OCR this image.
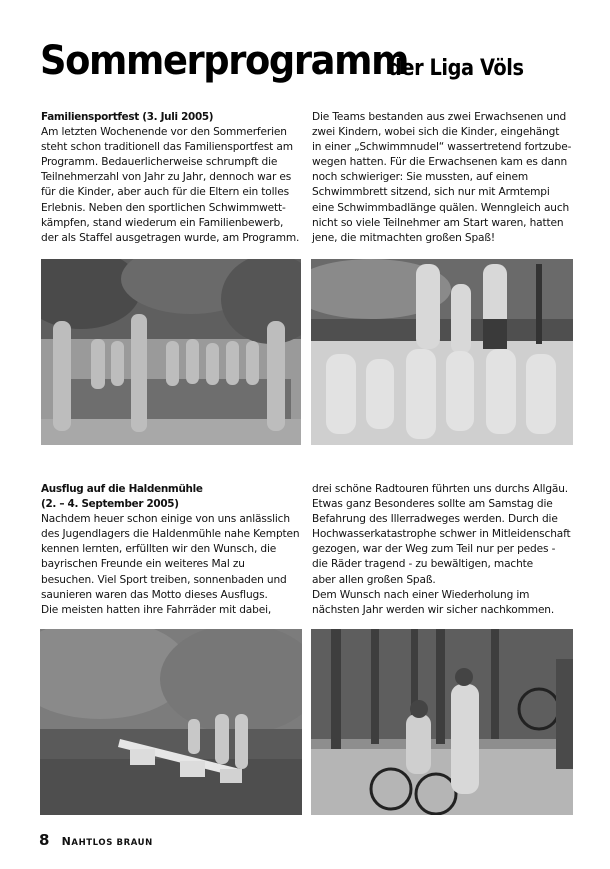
Sommerprogramm
der Liga Völs

Familiensportfest (3. Juli 2005)

Am letzten Wochenende vor den Sommerferien

steht schon traditionell das Familiensportfest am

Programm. Bedauerlicherweise schrumpft die

Teilnehmerzahl von Jahr zu Jahr, dennoch war es

für die Kinder, aber auch für die Eltern ein tolles

Erlebnis. Neben den sportlichen Schwimmwett-

kämpfen, stand wiederum ein Familienbewerb,

der als Staffel ausgetragen wurde, am Programm.

Die Teams bestanden aus zwei Erwachsenen und

zwei Kindern, wobei sich die Kinder, eingehängt

in einer „Schwimmnudel“ wassertretend fortzube-

wegen hatten. Für die Erwachsenen kam es dann

noch schwieriger: Sie mussten, auf einem

Schwimmbrett sitzend, sich nur mit Armtempi

eine Schwimmbadlänge quälen. Wenngleich auch

nicht so viele Teilnehmer am Start waren, hatten

jene, die mitmachten großen Spaß!

Ausflug auf die Haldenmühle

(2. – 4. September 2005)

Nachdem heuer schon einige von uns anlässlich

des Jugendlagers die Haldenmühle nahe Kempten

kennen lernten, erfüllten wir den Wunsch, die

bayrischen Freunde ein weiteres Mal zu

besuchen. Viel Sport treiben, sonnenbaden und

saunieren waren das Motto dieses Ausflugs.

Die meisten hatten ihre Fahrräder mit dabei,

drei schöne Radtouren führten uns durchs Allgäu.

Etwas ganz Besonderes sollte am Samstag die

Befahrung des Illerradweges werden. Durch die

Hochwasserkatastrophe schwer in Mitleidenschaft

gezogen, war der Weg zum Teil nur per pedes -

die Räder tragend - zu bewältigen, machte

aber allen großen Spaß.

Dem Wunsch nach einer Wiederholung im

nächsten Jahr werden wir sicher nachkommen.

8 NAHTLOS BRAUN
